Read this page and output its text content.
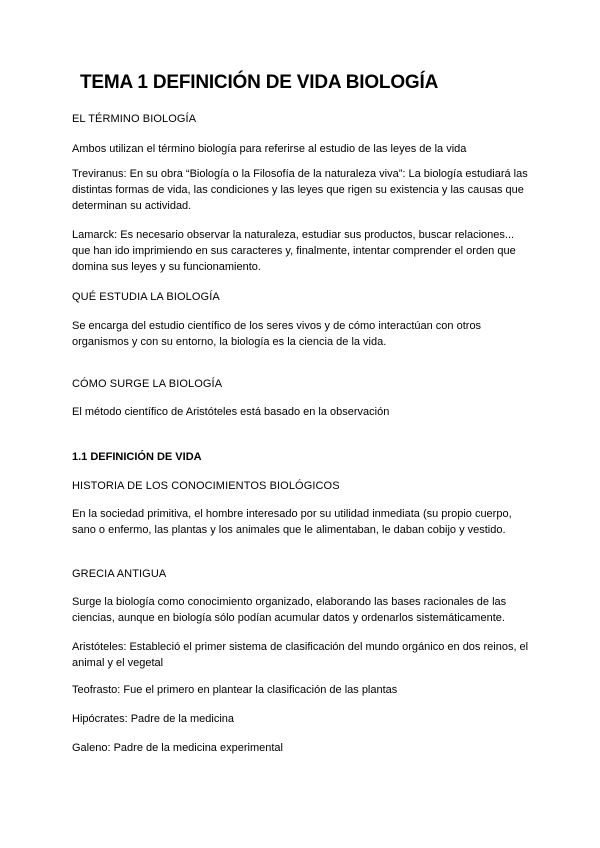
TEMA 1 DEFINICIÓN DE VIDA BIOLOGÍA

EL TÉRMINO BIOLOGÍA

Ambos utilizan el término biología para referirse al estudio de las leyes de la vida

Treviranus: En su obra “Biología o la Filosofía de la naturaleza viva”: La biología estudiará las distintas formas de vida, las condiciones y las leyes que rigen su existencia y las causas que determinan su actividad.

Lamarck: Es necesario observar la naturaleza, estudiar sus productos, buscar relaciones... que han ido imprimiendo en sus caracteres y, finalmente, intentar comprender el orden que domina sus leyes y su funcionamiento.

QUÉ ESTUDIA LA BIOLOGÍA

Se encarga del estudio científico de los seres vivos y de cómo interactúan con otros organismos y con su entorno, la biología es la ciencia de la vida.

CÓMO SURGE LA BIOLOGÍA

El método científico de Aristóteles está basado en la observación

1.1 DEFINICIÓN DE VIDA

HISTORIA DE LOS CONOCIMIENTOS BIOLÓGICOS

En la sociedad primitiva, el hombre interesado por su utilidad inmediata (su propio cuerpo, sano o enfermo, las plantas y los animales que le alimentaban, le daban cobijo y vestido.

GRECIA ANTIGUA

Surge la biología como conocimiento organizado, elaborando las bases racionales de las ciencias, aunque en biología sólo podían acumular datos y ordenarlos sistemáticamente.

Aristóteles: Estableció el primer sistema de clasificación del mundo orgánico en dos reinos, el animal y el vegetal

Teofrasto: Fue el primero en plantear la clasificación de las plantas

Hipócrates: Padre de la medicina

Galeno: Padre de la medicina experimental
